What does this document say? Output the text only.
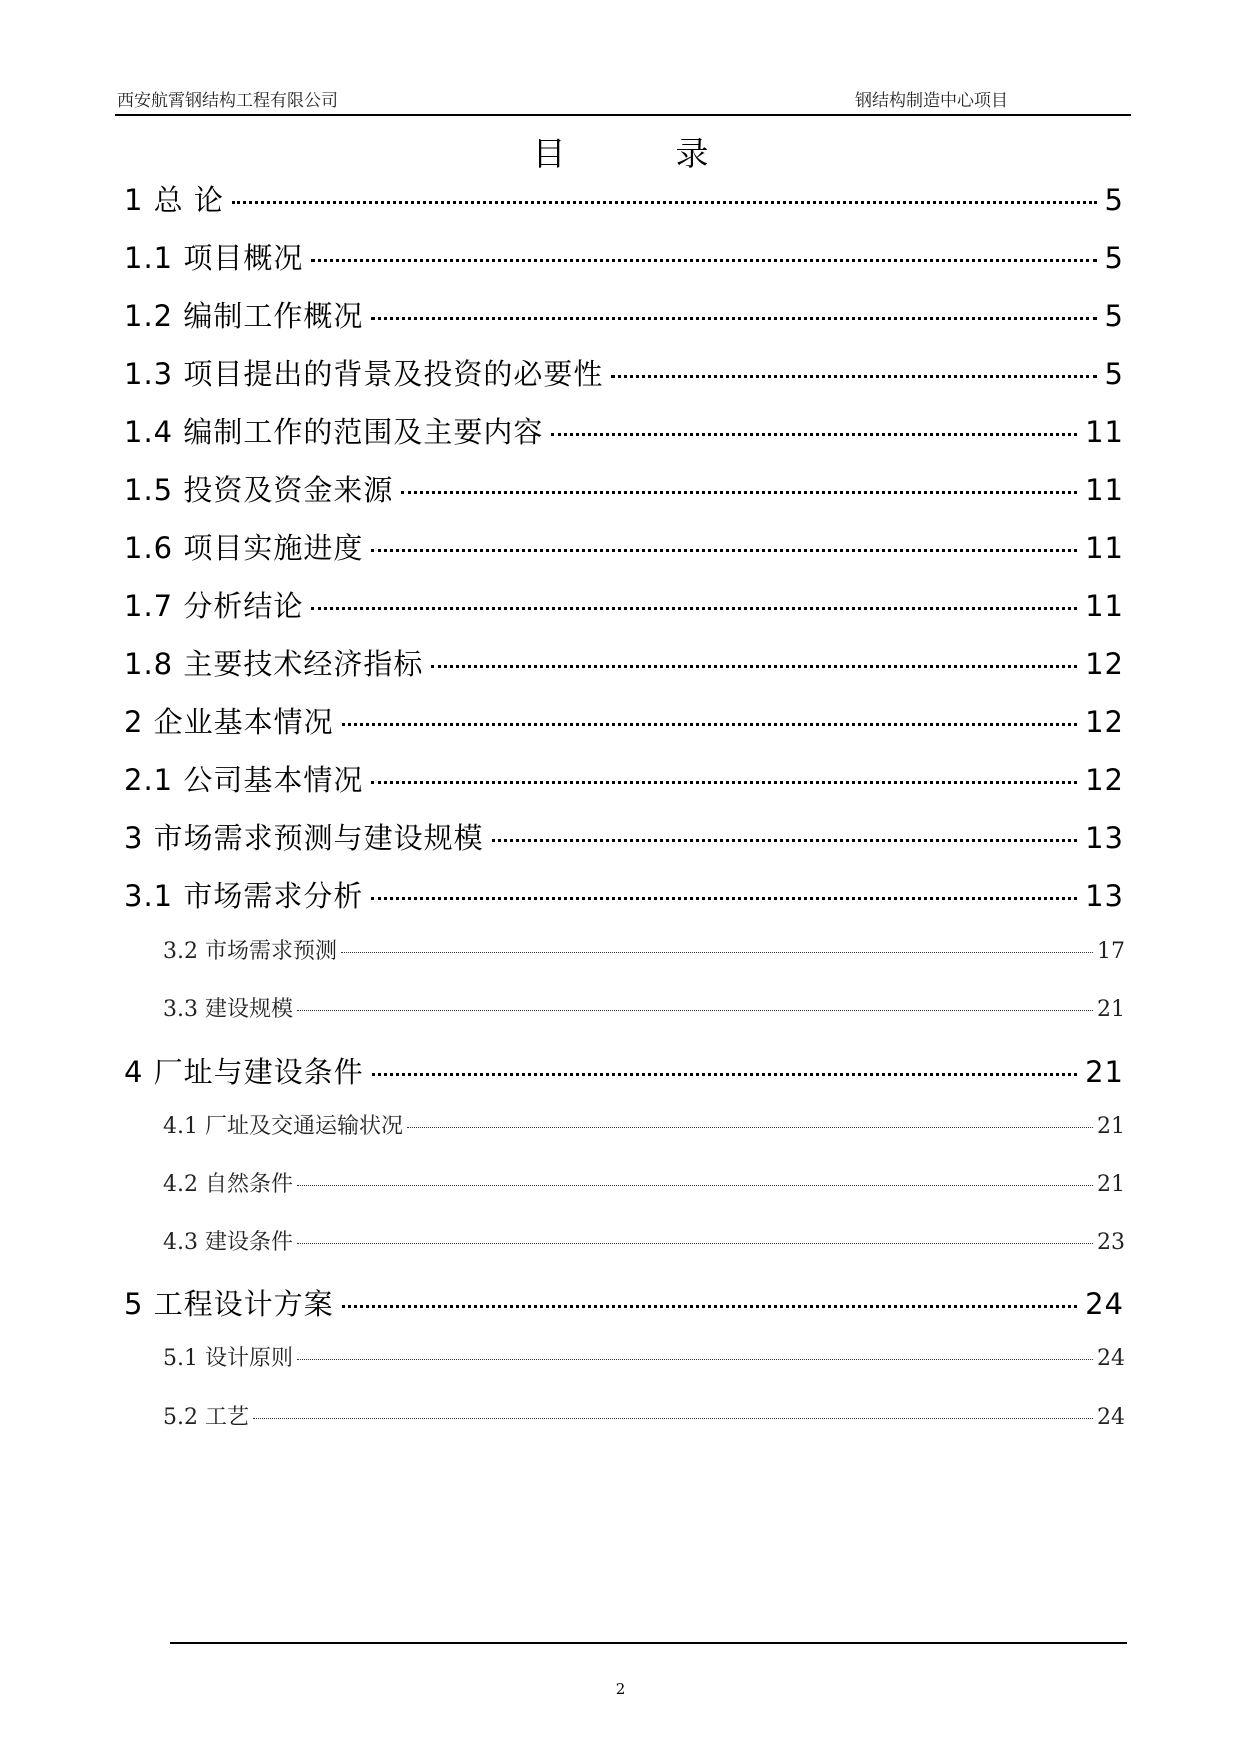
西安航霄钢结构工程有限公司	钢结构制造中心项目
目录
1 总 论	5
1.1 项目概况	5
1.2 编制工作概况	5
1.3 项目提出的背景及投资的必要性	5
1.4 编制工作的范围及主要内容	11
1.5 投资及资金来源	11
1.6 项目实施进度	11
1.7 分析结论	11
1.8 主要技术经济指标	12
2 企业基本情况	12
2.1 公司基本情况	12
3 市场需求预测与建设规模	13
3.1 市场需求分析	13
3.2 市场需求预测	17
3.3 建设规模	21
4 厂址与建设条件	21
4.1 厂址及交通运输状况	21
4.2 自然条件	21
4.3 建设条件	23
5 工程设计方案	24
5.1 设计原则	24
5.2 工艺	24
2
